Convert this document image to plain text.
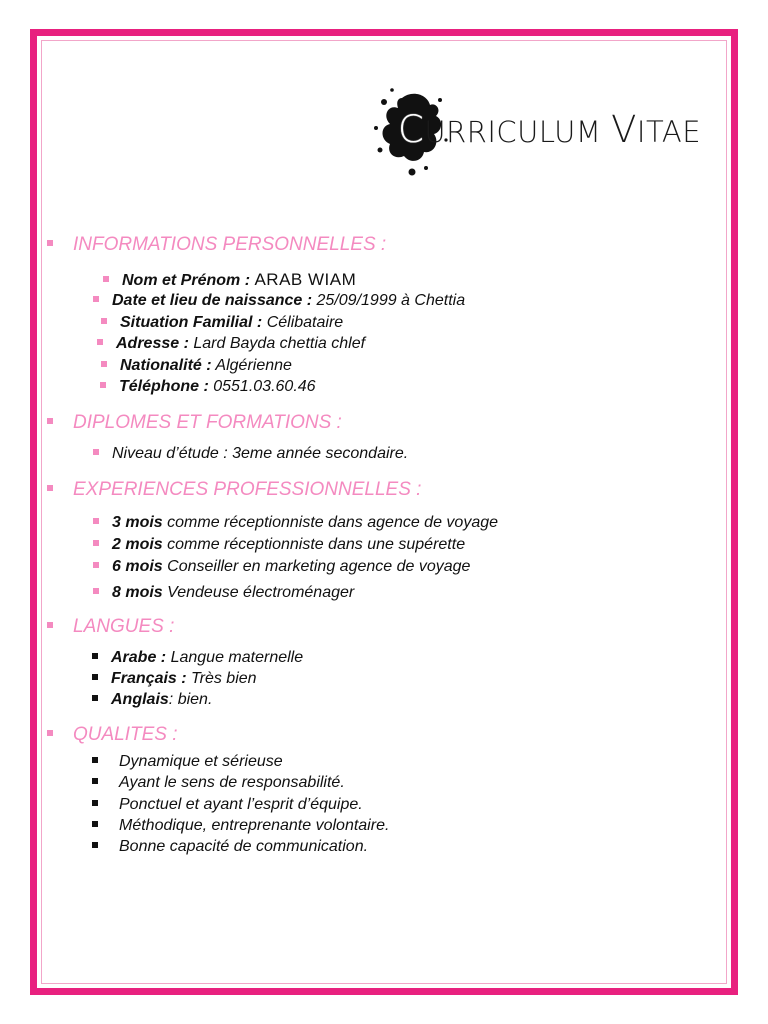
CURRICULUM VITAE
INFORMATIONS PERSONNELLES :
Nom et Prénom : ARAB WIAM
Date et lieu de naissance : 25/09/1999 à Chettia
Situation Familial : Célibataire
Adresse : Lard Bayda chettia chlef
Nationalité : Algérienne
Téléphone : 0551.03.60.46
DIPLOMES ET FORMATIONS :
Niveau d’étude : 3eme année secondaire.
EXPERIENCES PROFESSIONNELLES :
3 mois comme réceptionniste dans agence de voyage
2 mois comme réceptionniste dans une supérette
6 mois Conseiller en marketing agence de voyage
8 mois Vendeuse électroménager
LANGUES :
Arabe : Langue maternelle
Français : Très bien
Anglais: bien.
QUALITES :
Dynamique et sérieuse
Ayant le sens de responsabilité.
Ponctuel et ayant l’esprit d’équipe.
Méthodique, entreprenante volontaire.
Bonne capacité de communication.
